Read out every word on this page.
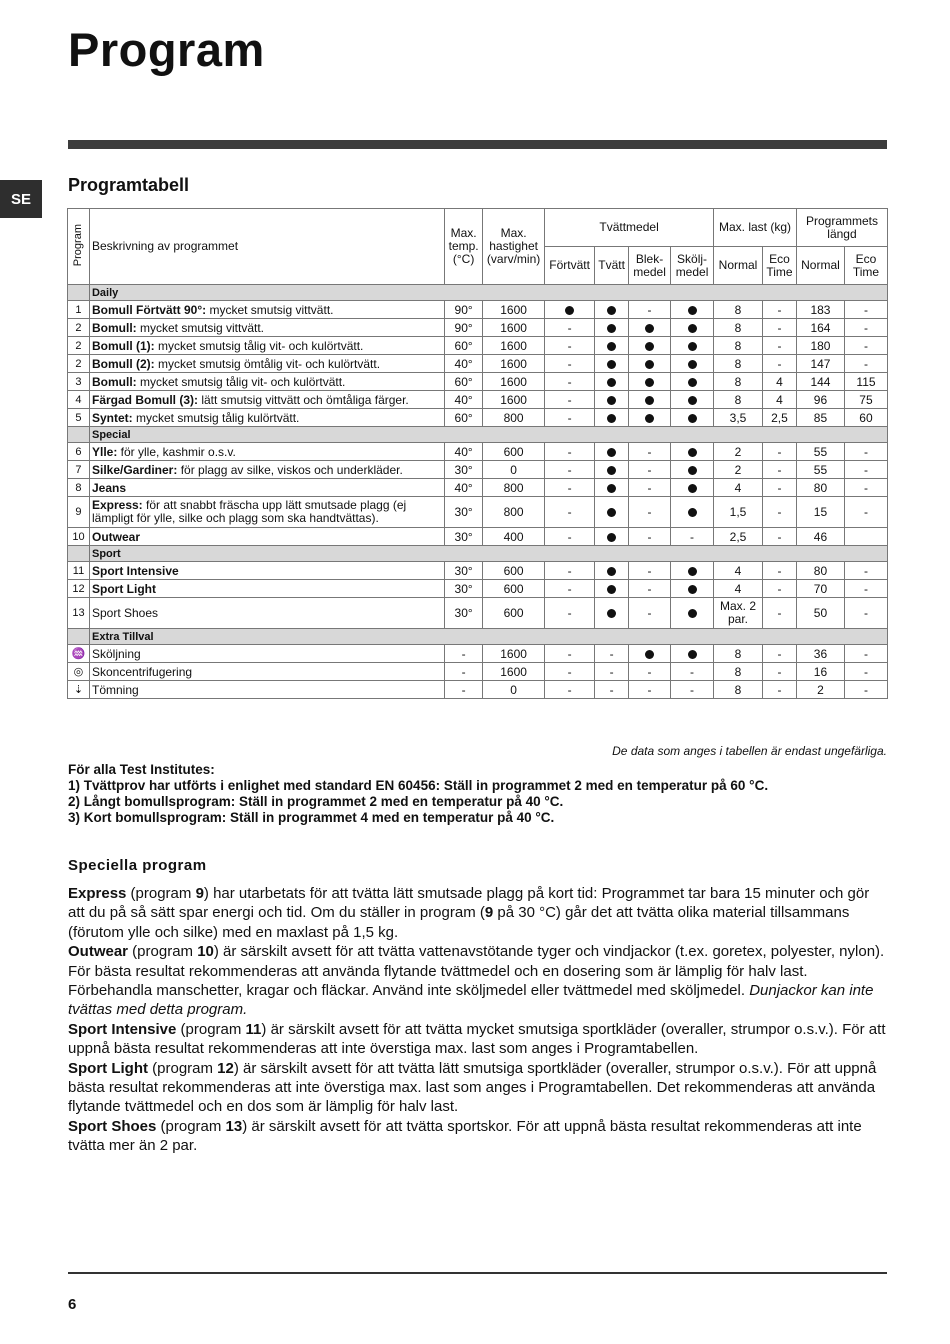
Program
SE
Programtabell
Program	Beskrivning av programmet	Max. temp. (°C)	Max. hastighet (varv/min)	Tvättmedel				Max. last (kg)		Programmets längd	
				Förtvätt	Tvätt	Blek-medel	Skölj-medel	Normal	Eco Time	Normal	Eco Time
	Daily										
1	Bomull Förtvätt 90°: mycket smutsig vittvätt.	90°	1600			-		8	-	183	-
2	Bomull: mycket smutsig vittvätt.	90°	1600	-				8	-	164	-
2	Bomull (1): mycket smutsig tålig vit- och kulörtvätt.	60°	1600	-				8	-	180	-
2	Bomull (2): mycket smutsig ömtålig vit- och kulörtvätt.	40°	1600	-				8	-	147	-
3	Bomull: mycket smutsig tålig vit- och kulörtvätt.	60°	1600	-				8	4	144	115
4	Färgad Bomull (3): lätt smutsig vittvätt och ömtåliga färger.	40°	1600	-				8	4	96	75
5	Syntet: mycket smutsig tålig kulörtvätt.	60°	800	-				3,5	2,5	85	60
	Special										
6	Ylle: för ylle, kashmir o.s.v.	40°	600	-		-		2	-	55	-
7	Silke/Gardiner: för plagg av silke, viskos och underkläder.	30°	0	-		-		2	-	55	-
8	Jeans	40°	800	-		-		4	-	80	-
9	Express: för att snabbt fräscha upp lätt smutsade plagg (ej lämpligt för ylle, silke och plagg som ska handtvättas).	30°	800	-		-		1,5	-	15	-
10	Outwear	30°	400	-		-	-	2,5	-	46	
	Sport										
11	Sport Intensive	30°	600	-		-		4	-	80	-
12	Sport Light	30°	600	-		-		4	-	70	-
13	Sport Shoes	30°	600	-		-		Max. 2 par.	-	50	-
	Extra Tillval										
♒	Sköljning	-	1600	-	-			8	-	36	-
◎	Skoncentrifugering	-	1600	-	-	-	-	8	-	16	-
⇣	Tömning	-	0	-	-	-	-	8	-	2	-
De data som anges i tabellen är endast ungefärliga.
För alla Test Institutes:
1) Tvättprov har utförts i enlighet med standard EN 60456: Ställ in programmet 2 med en temperatur på 60 °C.
2) Långt bomullsprogram: Ställ in programmet 2 med en temperatur på 40 °C.
3) Kort bomullsprogram: Ställ in programmet 4 med en temperatur på 40 °C.
Speciella program

Express (program 9) har utarbetats för att tvätta lätt smutsade plagg på kort tid: Programmet tar bara 15 minuter och gör att du på så sätt spar energi och tid. Om du ställer in program (9 på 30 °C) går det att tvätta olika material tillsammans (förutom ylle och silke) med en maxlast på 1,5 kg.

Outwear (program 10) är särskilt avsett för att tvätta vattenavstötande tyger och vindjackor (t.ex. goretex, polyester, nylon). För bästa resultat rekommenderas att använda flytande tvättmedel och en dosering som är lämplig för halv last. Förbehandla manschetter, kragar och fläckar. Använd inte sköljmedel eller tvättmedel med sköljmedel. Dunjackor kan inte tvättas med detta program.

Sport Intensive (program 11) är särskilt avsett för att tvätta mycket smutsiga sportkläder (overaller, strumpor o.s.v.). För att uppnå bästa resultat rekommenderas att inte överstiga max. last som anges i Programtabellen.

Sport Light (program 12) är särskilt avsett för att tvätta lätt smutsiga sportkläder (overaller, strumpor o.s.v.). För att uppnå bästa resultat rekommenderas att inte överstiga max. last som anges i Programtabellen. Det rekommenderas att använda flytande tvättmedel och en dos som är lämplig för halv last.

Sport Shoes (program 13) är särskilt avsett för att tvätta sportskor. För att uppnå bästa resultat rekommenderas att inte tvätta mer än 2 par.

6
